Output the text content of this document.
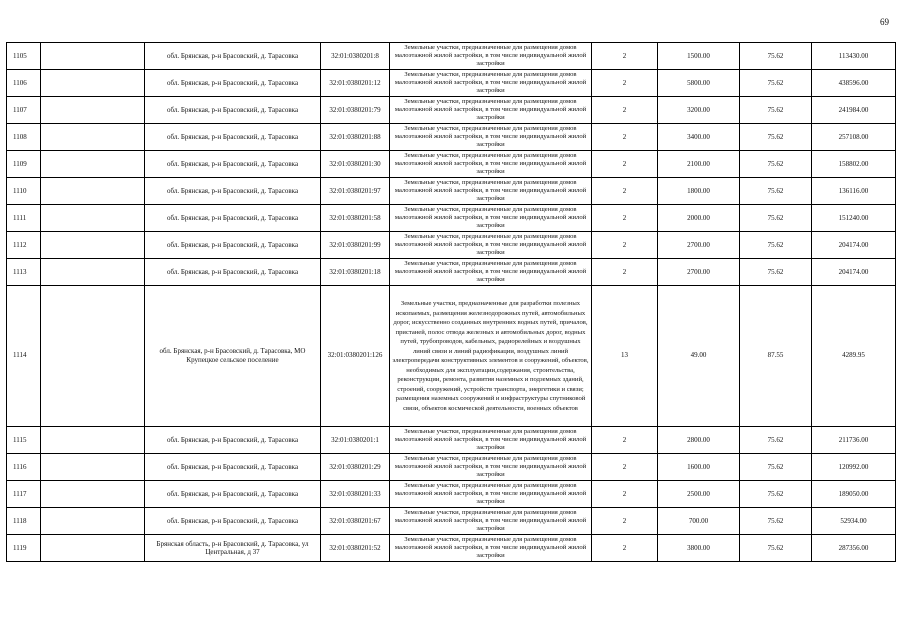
69
1105		обл. Брянская, р-н Брасовский, д. Тарасовка	32:01:0380201:8	Земельные участки, предназначенные для размещения домов малоэтажной жилой застройки, в том числе индивидуальной жилой застройки	2	1500.00	75.62	113430.00
1106		обл. Брянская, р-н Брасовский, д. Тарасовка	32:01:0380201:12	Земельные участки, предназначенные для размещения домов малоэтажной жилой застройки, в том числе индивидуальной жилой застройки	2	5800.00	75.62	438596.00
1107		обл. Брянская, р-н Брасовский, д. Тарасовка	32:01:0380201:79	Земельные участки, предназначенные для размещения домов малоэтажной жилой застройки, в том числе индивидуальной жилой застройки	2	3200.00	75.62	241984.00
1108		обл. Брянская, р-н Брасовский, д. Тарасовка	32:01:0380201:88	Земельные участки, предназначенные для размещения домов малоэтажной жилой застройки, в том числе индивидуальной жилой застройки	2	3400.00	75.62	257108.00
1109		обл. Брянская, р-н Брасовский, д. Тарасовка	32:01:0380201:30	Земельные участки, предназначенные для размещения домов малоэтажной жилой застройки, в том числе индивидуальной жилой застройки	2	2100.00	75.62	158802.00
1110		обл. Брянская, р-н Брасовский, д. Тарасовка	32:01:0380201:97	Земельные участки, предназначенные для размещения домов малоэтажной жилой застройки, в том числе индивидуальной жилой застройки	2	1800.00	75.62	136116.00
1111		обл. Брянская, р-н Брасовский, д. Тарасовка	32:01:0380201:58	Земельные участки, предназначенные для размещения домов малоэтажной жилой застройки, в том числе индивидуальной жилой застройки	2	2000.00	75.62	151240.00
1112		обл. Брянская, р-н Брасовский, д. Тарасовка	32:01:0380201:99	Земельные участки, предназначенные для размещения домов малоэтажной жилой застройки, в том числе индивидуальной жилой застройки	2	2700.00	75.62	204174.00
1113		обл. Брянская, р-н Брасовский, д. Тарасовка	32:01:0380201:18	Земельные участки, предназначенные для размещения домов малоэтажной жилой застройки, в том числе индивидуальной жилой застройки	2	2700.00	75.62	204174.00
1114		обл. Брянская, р-н Брасовский, д. Тарасовка, МО Крупецкое сельское поселение	32:01:0380201:126	Земельные участки, предназначенные для разработки полезных ископаемых, размещения железнодорожных путей, автомобильных дорог, искусственно созданных внутренних водных путей, причалов, пристаней, полос отвода железных и автомобильных дорог, водных путей, трубопроводов, кабельных, радиорелейных и воздушных линий связи и линий радиофикации, воздушных линий электропередачи конструктивных элементов и сооружений, объектов, необходимых для эксплуатации,содержания, строительства, реконструкции, ремонта, развития наземных и подземных зданий, строений, сооружений, устройств транспорта, энергетики и связи; размещения наземных сооружений и инфраструктуры спутниковой связи, объектов космической деятельности, военных объектов	13	49.00	87.55	4289.95
1115		обл. Брянская, р-н Брасовский, д. Тарасовка	32:01:0380201:1	Земельные участки, предназначенные для размещения домов малоэтажной жилой застройки, в том числе индивидуальной жилой застройки	2	2800.00	75.62	211736.00
1116		обл. Брянская, р-н Брасовский, д. Тарасовка	32:01:0380201:29	Земельные участки, предназначенные для размещения домов малоэтажной жилой застройки, в том числе индивидуальной жилой застройки	2	1600.00	75.62	120992.00
1117		обл. Брянская, р-н Брасовский, д. Тарасовка	32:01:0380201:33	Земельные участки, предназначенные для размещения домов малоэтажной жилой застройки, в том числе индивидуальной жилой застройки	2	2500.00	75.62	189050.00
1118		обл. Брянская, р-н Брасовский, д. Тарасовка	32:01:0380201:67	Земельные участки, предназначенные для размещения домов малоэтажной жилой застройки, в том числе индивидуальной жилой застройки	2	700.00	75.62	52934.00
1119		Брянская область, р-н Брасовский, д. Тарасовка, ул Центральная, д 37	32:01:0380201:52	Земельные участки, предназначенные для размещения домов малоэтажной жилой застройки, в том числе индивидуальной жилой застройки	2	3800.00	75.62	287356.00
